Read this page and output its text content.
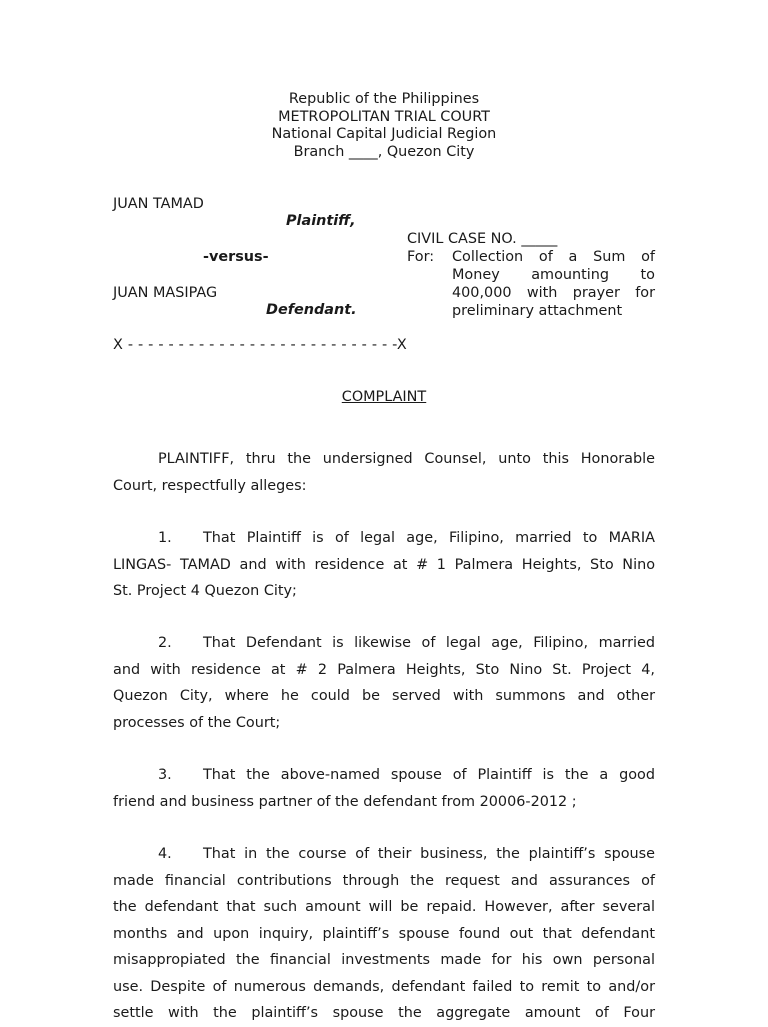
Republic of the Philippines
METROPOLITAN TRIAL COURT
National Capital Judicial Region
Branch ____, Quezon City
JUAN TAMAD
Plaintiff,
CIVIL CASE NO. _____
-versus-	For: Collection of a Sum of
Money amounting to
400,000 with prayer for
preliminary attachment
JUAN MASIPAG
Defendant.
X - - - - - - - - - - - - - - - - - - - - - - - - - - -X
COMPLAINT
PLAINTIFF, thru the undersigned Counsel, unto this Honorable
Court, respectfully alleges:
1. That Plaintiff is of legal age, Filipino, married to MARIA
LINGAS- TAMAD and with residence at # 1 Palmera Heights, Sto Nino
St. Project 4 Quezon City;
2. That Defendant is likewise of legal age, Filipino, married
and with residence at # 2 Palmera Heights, Sto Nino St. Project 4,
Quezon City, where he could be served with summons and other
processes of the Court;
3. That the above-named spouse of Plaintiff is the a good
friend and business partner of the defendant from 20006-2012 ;
4. That in the course of their business, the plaintiff’s spouse
made financial contributions through the request and assurances of
the defendant that such amount will be repaid. However, after several
months and upon inquiry, plaintiff’s spouse found out that defendant
misappropiated the financial investments made for his own personal
use. Despite of numerous demands, defendant failed to remit to and/or
settle with the plaintiff’s spouse the aggregate amount of Four
